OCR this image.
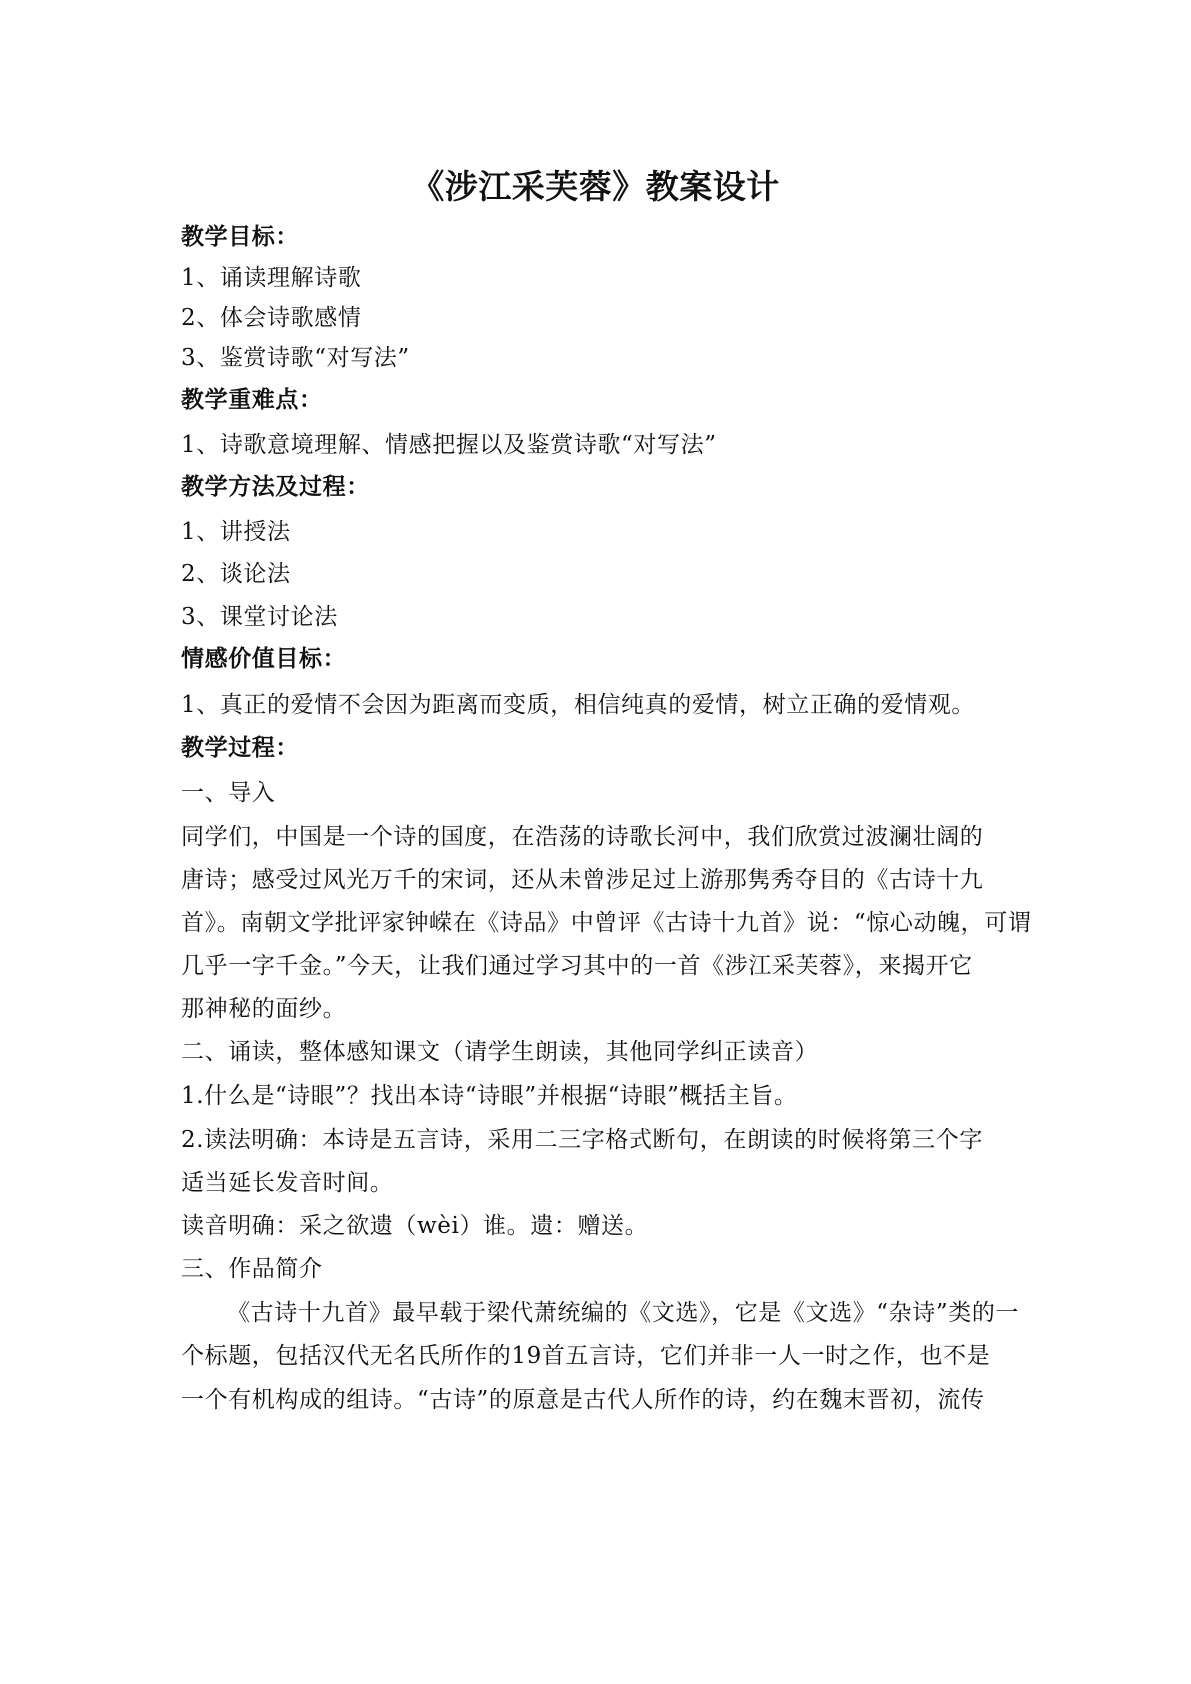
《涉江采芙蓉》教案设计
教学目标：
1、诵读理解诗歌
2、体会诗歌感情
3、鉴赏诗歌“对写法”
教学重难点：
1、诗歌意境理解、情感把握以及鉴赏诗歌“对写法”
教学方法及过程：
1、讲授法
2、谈论法
3、课堂讨论法
情感价值目标：
1、真正的爱情不会因为距离而变质，相信纯真的爱情，树立正确的爱情观。
教学过程：
一、导入
同学们，中国是一个诗的国度，在浩荡的诗歌长河中，我们欣赏过波澜壮阔的
唐诗；感受过风光万千的宋词，还从未曾涉足过上游那隽秀夺目的《古诗十九
首》。南朝文学批评家钟嵘在《诗品》中曾评《古诗十九首》说：“惊心动魄，可谓
几乎一字千金。”今天，让我们通过学习其中的一首《涉江采芙蓉》，来揭开它
那神秘的面纱。
二、诵读，整体感知课文（请学生朗读，其他同学纠正读音）
1.什么是“诗眼”？找出本诗“诗眼”并根据“诗眼”概括主旨。
2.读法明确：本诗是五言诗，采用二三字格式断句，在朗读的时候将第三个字
适当延长发音时间。
读音明确：采之欲遗（wèi）谁。遗：赠送。
三、作品简介
《古诗十九首》最早载于梁代萧统编的《文选》，它是《文选》“杂诗”类的一
个标题，包括汉代无名氏所作的19首五言诗，它们并非一人一时之作，也不是
一个有机构成的组诗。“古诗”的原意是古代人所作的诗，约在魏末晋初，流传
